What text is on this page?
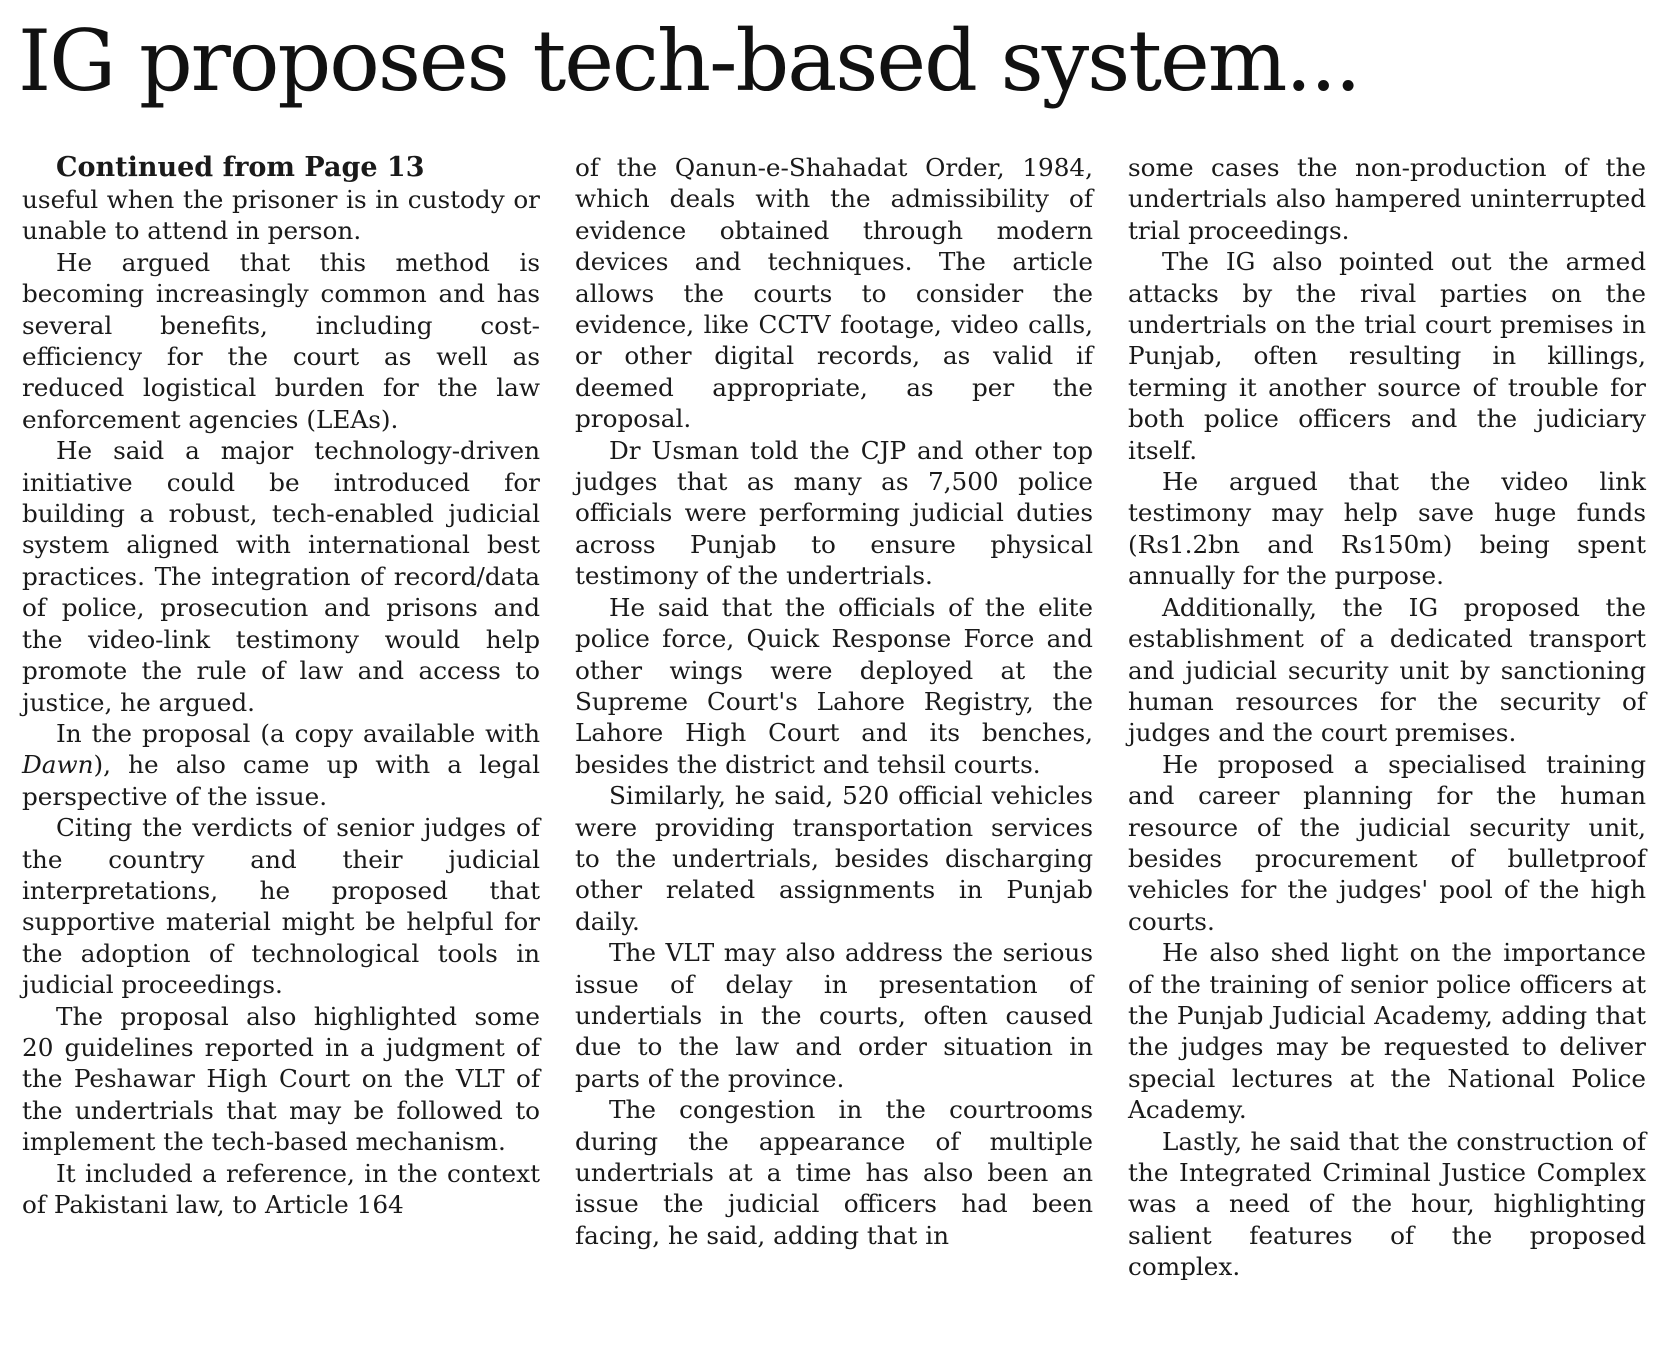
IG proposes tech-based system...

Continued from Page 13

useful when the prisoner is in custody or unable to attend in person.

He argued that this method is becoming increasingly common and has several benefits, including cost-efficiency for the court as well as reduced logistical burden for the law enforcement agencies (LEAs).

He said a major technology-driven initiative could be introduced for building a robust, tech-enabled judicial system aligned with international best practices. The integration of record/data of police, prosecution and prisons and the video-link testimony would help promote the rule of law and access to justice, he argued.

In the proposal (a copy available with Dawn), he also came up with a legal perspective of the issue.

Citing the verdicts of senior judges of the country and their judicial interpretations, he proposed that supportive material might be helpful for the adoption of technological tools in judicial proceedings.

The proposal also highlighted some 20 guidelines reported in a judgment of the Peshawar High Court on the VLT of the undertrials that may be followed to implement the tech-based mechanism.

It included a reference, in the context of Pakistani law, to Article 164

of the Qanun-e-Shahadat Order, 1984, which deals with the admissibility of evidence obtained through modern devices and techniques. The article allows the courts to consider the evidence, like CCTV footage, video calls, or other digital records, as valid if deemed appropriate, as per the proposal.

Dr Usman told the CJP and other top judges that as many as 7,500 police officials were performing judicial duties across Punjab to ensure physical testimony of the undertrials.

He said that the officials of the elite police force, Quick Response Force and other wings were deployed at the Supreme Court's Lahore Registry, the Lahore High Court and its benches, besides the district and tehsil courts.

Similarly, he said, 520 official vehicles were providing transportation services to the undertrials, besides discharging other related assignments in Punjab daily.

The VLT may also address the serious issue of delay in presentation of undertials in the courts, often caused due to the law and order situation in parts of the province.

The congestion in the courtrooms during the appearance of multiple undertrials at a time has also been an issue the judicial officers had been facing, he said, adding that in

some cases the non-production of the undertrials also hampered uninterrupted trial proceedings.

The IG also pointed out the armed attacks by the rival parties on the undertrials on the trial court premises in Punjab, often resulting in killings, terming it another source of trouble for both police officers and the judiciary itself.

He argued that the video link testimony may help save huge funds (Rs1.2bn and Rs150m) being spent annually for the purpose.

Additionally, the IG proposed the establishment of a dedicated transport and judicial security unit by sanctioning human resources for the security of judges and the court premises.

He proposed a specialised training and career planning for the human resource of the judicial security unit, besides procurement of bulletproof vehicles for the judges' pool of the high courts.

He also shed light on the importance of the training of senior police officers at the Punjab Judicial Academy, adding that the judges may be requested to deliver special lectures at the National Police Academy.

Lastly, he said that the construction of the Integrated Criminal Justice Complex was a need of the hour, highlighting salient features of the proposed complex.
